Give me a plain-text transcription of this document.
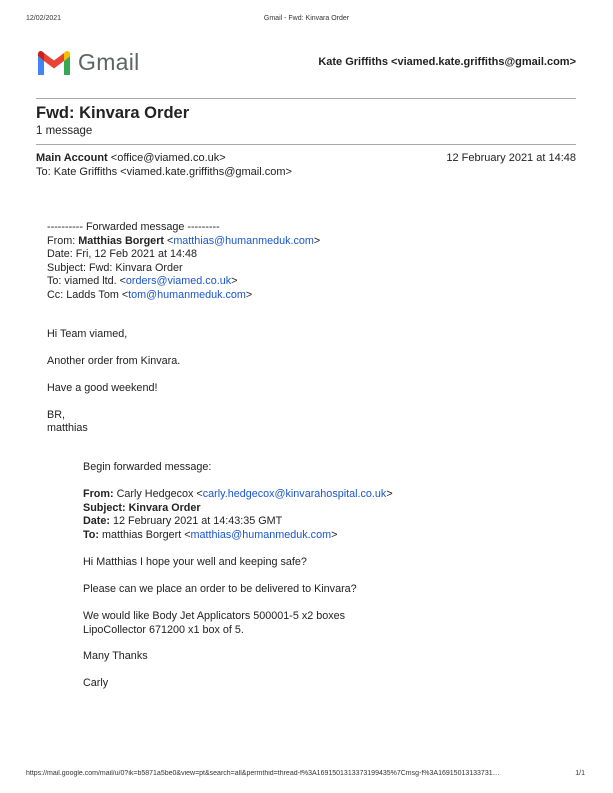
12/02/2021	Gmail - Fwd: Kinvara Order
Gmail	Kate Griffiths <viamed.kate.griffiths@gmail.com>
Fwd: Kinvara Order
1 message
Main Account <office@viamed.co.uk>	12 February 2021 at 14:48
To: Kate Griffiths <viamed.kate.griffiths@gmail.com>
---------- Forwarded message ---------
From: Matthias Borgert <matthias@humanmeduk.com>
Date: Fri, 12 Feb 2021 at 14:48
Subject: Fwd: Kinvara Order
To: viamed ltd. <orders@viamed.co.uk>
Cc: Ladds Tom <tom@humanmeduk.com>
Hi Team viamed,
Another order from Kinvara.
Have a good weekend!
BR,
matthias
Begin forwarded message:
From: Carly Hedgecox <carly.hedgecox@kinvarahospital.co.uk>
Subject: Kinvara Order
Date: 12 February 2021 at 14:43:35 GMT
To: matthias Borgert <matthias@humanmeduk.com>
Hi Matthias I hope your well and keeping safe?
Please can we place an order to be delivered to Kinvara?
We would like Body Jet Applicators 500001-5 x2 boxes
LipoCollector 671200 x1 box of 5.
Many Thanks
Carly
https://mail.google.com/mail/u/0?ik=b5871a5be0&view=pt&search=all&permthid=thread-f%3A1691501313373199435%7Cmsg-f%3A16915013133731…	1/1
